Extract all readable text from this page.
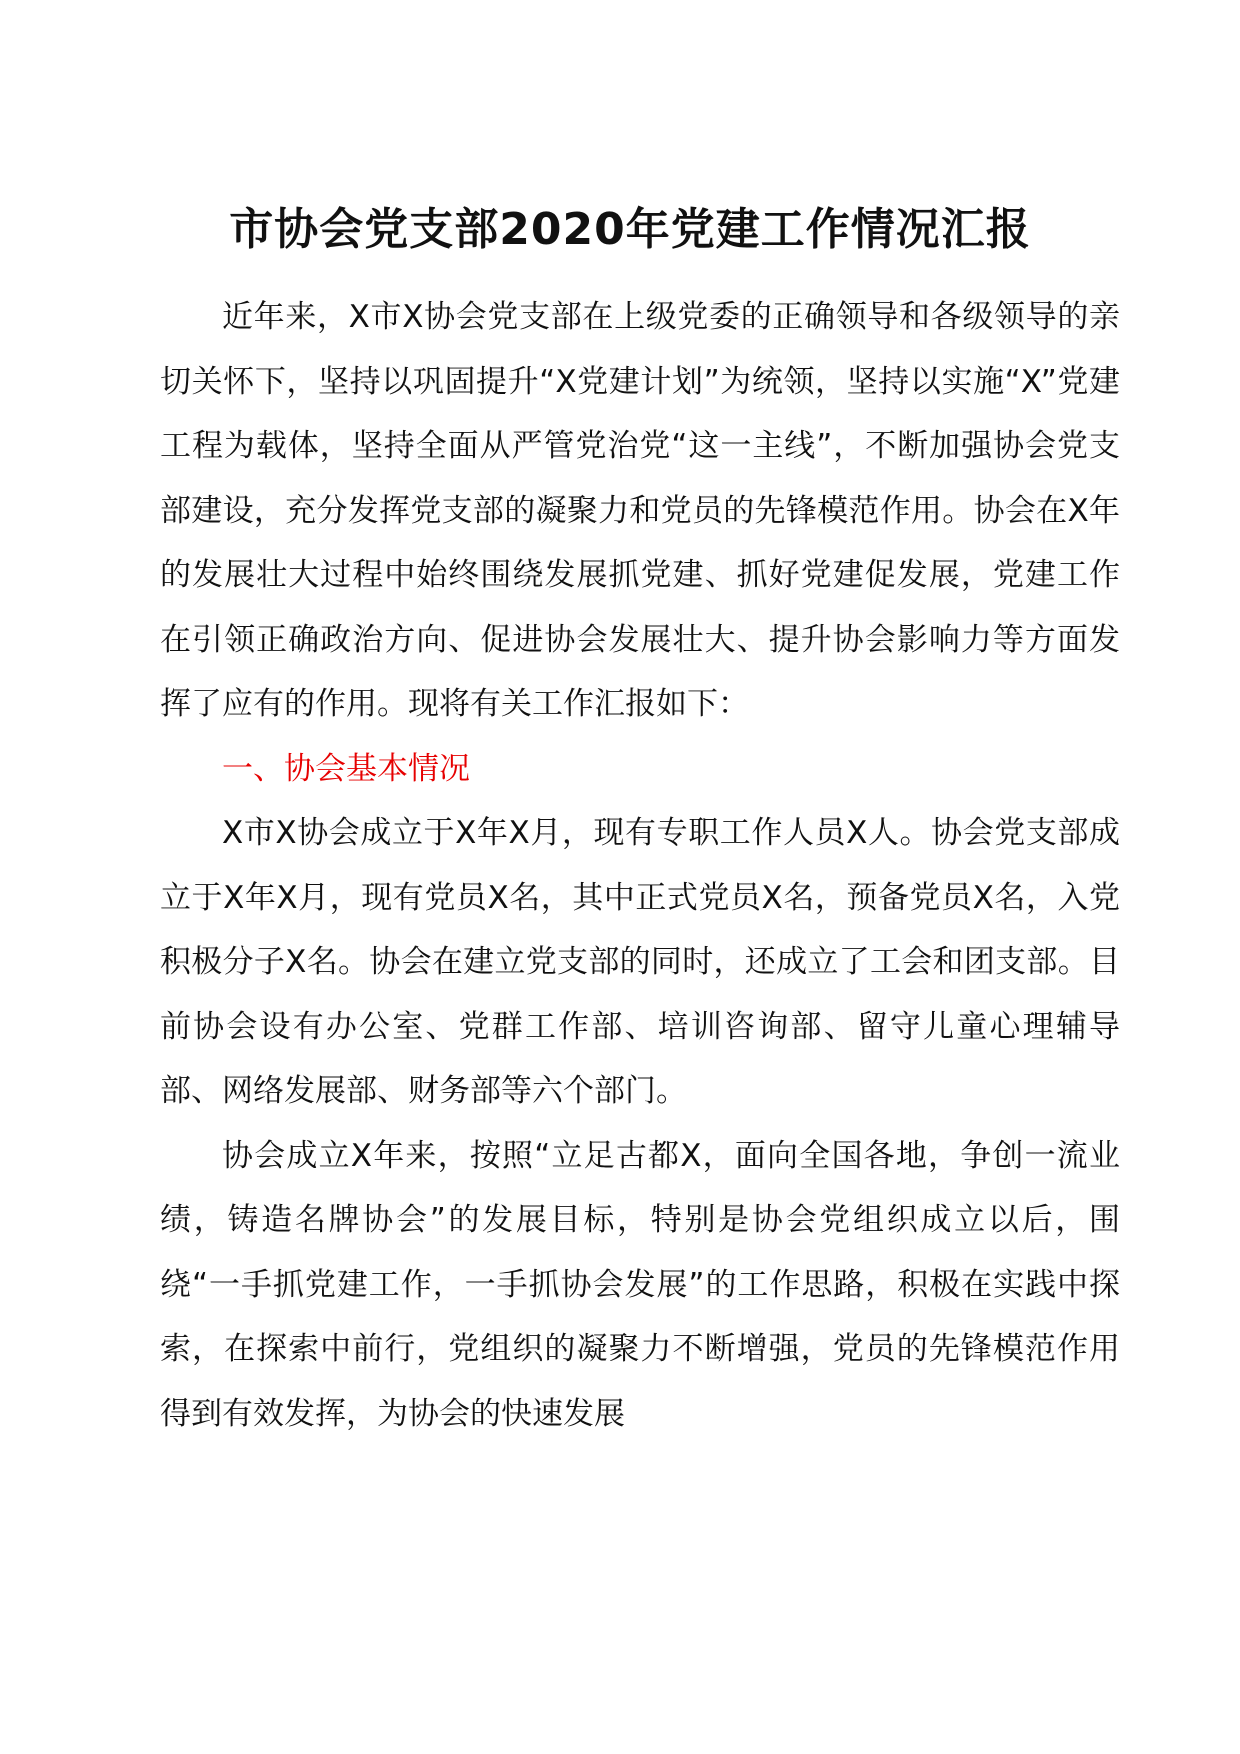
市协会党支部2020年党建工作情况汇报

近年来，X市X协会党支部在上级党委的正确领导和各级领导的亲切关怀下，坚持以巩固提升“X党建计划”为统领，坚持以实施“X”党建工程为载体，坚持全面从严管党治党“这一主线”，不断加强协会党支部建设，充分发挥党支部的凝聚力和党员的先锋模范作用。协会在X年的发展壮大过程中始终围绕发展抓党建、抓好党建促发展，党建工作在引领正确政治方向、促进协会发展壮大、提升协会影响力等方面发挥了应有的作用。现将有关工作汇报如下：

一、协会基本情况

X市X协会成立于X年X月，现有专职工作人员X人。协会党支部成立于X年X月，现有党员X名，其中正式党员X名，预备党员X名，入党积极分子X名。协会在建立党支部的同时，还成立了工会和团支部。目前协会设有办公室、党群工作部、培训咨询部、留守儿童心理辅导部、网络发展部、财务部等六个部门。

协会成立X年来，按照“立足古都X，面向全国各地，争创一流业绩，铸造名牌协会”的发展目标，特别是协会党组织成立以后，围绕“一手抓党建工作，一手抓协会发展”的工作思路，积极在实践中探索，在探索中前行，党组织的凝聚力不断增强，党员的先锋模范作用得到有效发挥，为协会的快速发展
